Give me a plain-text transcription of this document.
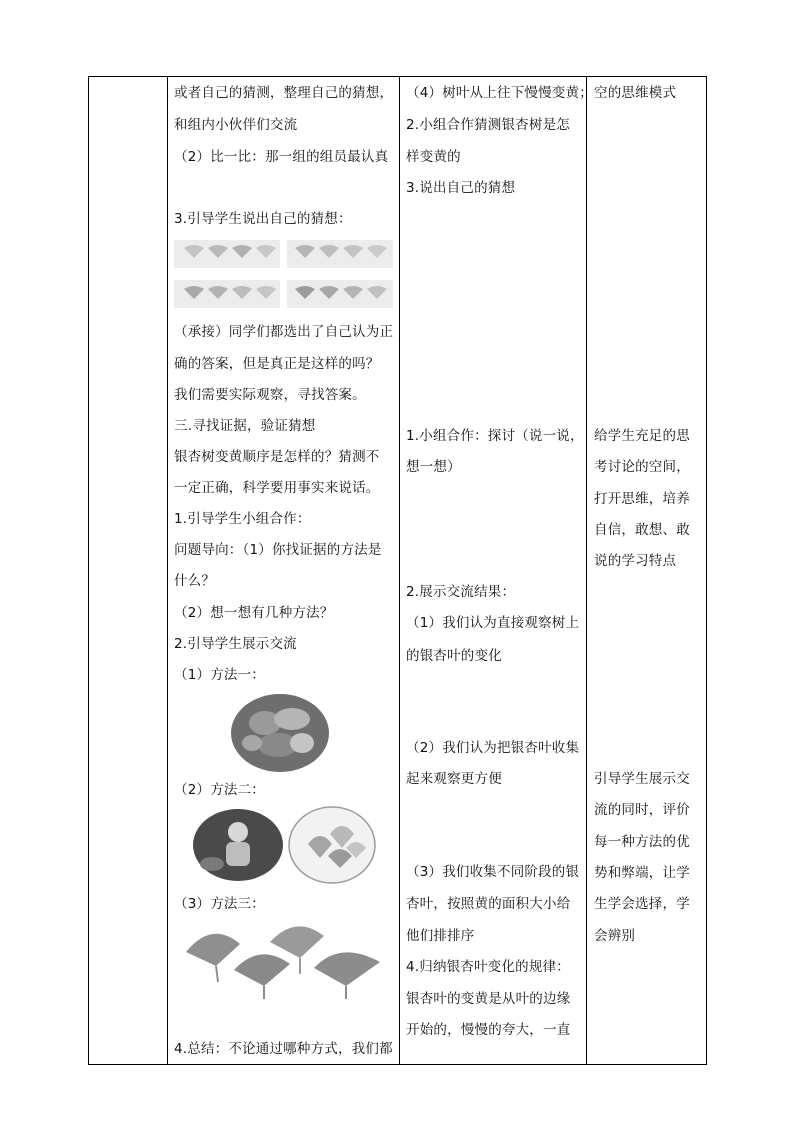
或者自己的猜测，整理自己的猜想，
和组内小伙伴们交流
（2）比一比：那一组的组员最认真
3.引导学生说出自己的猜想：
（承接）同学们都选出了自己认为正
确的答案，但是真正是这样的吗？
我们需要实际观察，寻找答案。
三.寻找证据，验证猜想
银杏树变黄顺序是怎样的？猜测不
一定正确，科学要用事实来说话。
1.引导学生小组合作：
问题导向：（1）你找证据的方法是
什么？
（2）想一想有几种方法？
2.引导学生展示交流
（1）方法一：
（2）方法二：
（3）方法三：
4.总结：不论通过哪种方式，我们都
（4）树叶从上往下慢慢变黄；
2.小组合作猜测银杏树是怎
样变黄的
3.说出自己的猜想
1.小组合作：探讨（说一说，
想一想）
2.展示交流结果：
（1）我们认为直接观察树上
的银杏叶的变化
（2）我们认为把银杏叶收集
起来观察更方便
（3）我们收集不同阶段的银
杏叶，按照黄的面积大小给
他们排排序
4.归纳银杏叶变化的规律：
银杏叶的变黄是从叶的边缘
开始的，慢慢的夸大，一直
空的思维模式
给学生充足的思
考讨论的空间，
打开思维，培养
自信，敢想、敢
说的学习特点
引导学生展示交
流的同时，评价
每一种方法的优
势和弊端，让学
生学会选择，学
会辨别
